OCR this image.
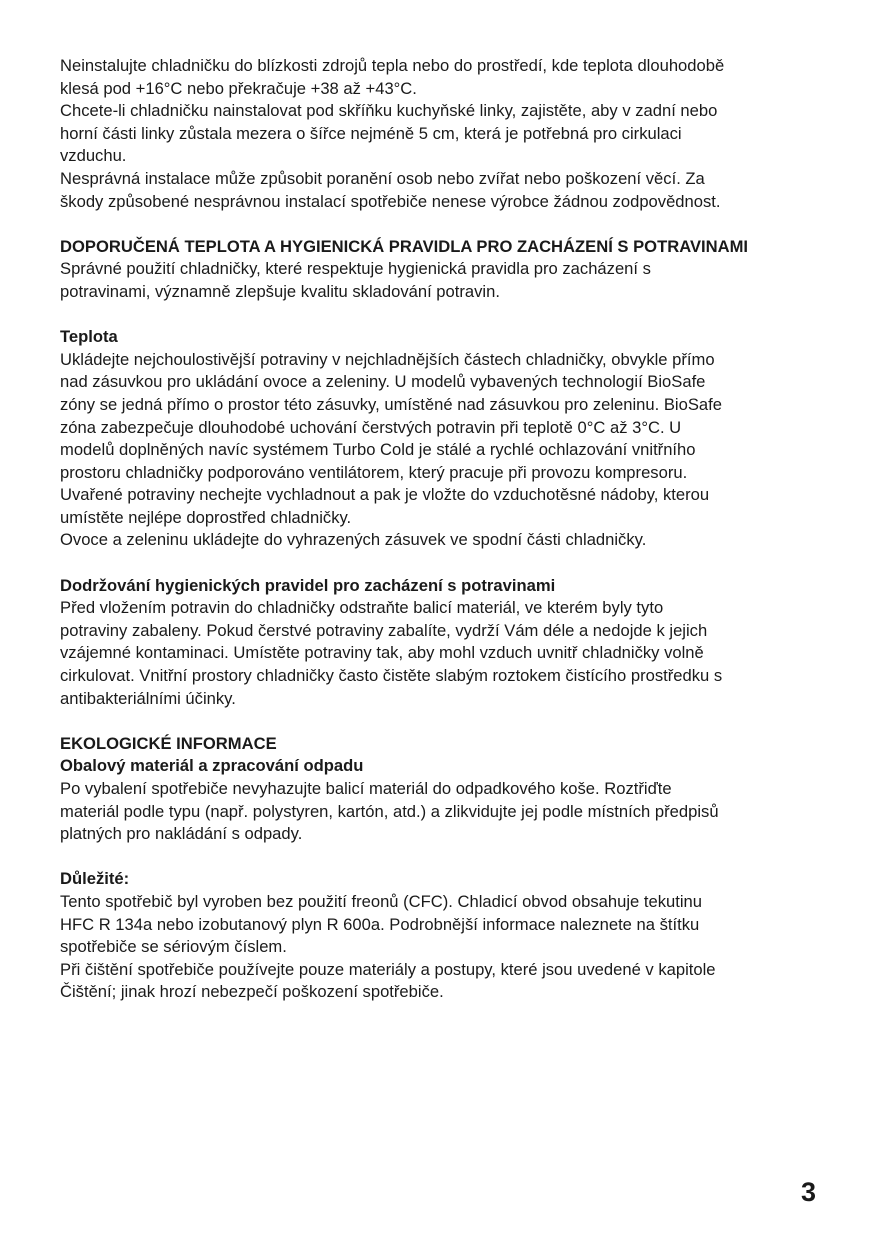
Neinstalujte chladničku do blízkosti zdrojů tepla nebo do prostředí, kde teplota dlouhodobě
klesá pod +16°C nebo překračuje +38 až +43°C.
Chcete-li chladničku nainstalovat pod skříňku kuchyňské linky, zajistěte, aby v zadní nebo
horní části linky zůstala mezera o šířce nejméně 5 cm, která je potřebná pro cirkulaci
vzduchu.
Nesprávná instalace může způsobit poranění osob nebo zvířat nebo poškození věcí. Za
škody způsobené nesprávnou instalací spotřebiče nenese výrobce žádnou zodpovědnost.
DOPORUČENÁ TEPLOTA A HYGIENICKÁ PRAVIDLA PRO ZACHÁZENÍ S POTRAVINAMI
Správné použití chladničky, které respektuje hygienická pravidla pro zacházení s
potravinami, významně zlepšuje kvalitu skladování potravin.
Teplota
Ukládejte nejchoulostivější potraviny v nejchladnějších částech chladničky, obvykle přímo
nad zásuvkou pro ukládání ovoce a zeleniny. U modelů vybavených technologií BioSafe
zóny se jedná přímo o prostor této zásuvky, umístěné nad zásuvkou pro zeleninu. BioSafe
zóna zabezpečuje dlouhodobé uchování čerstvých potravin při teplotě 0°C až 3°C. U
modelů doplněných navíc systémem Turbo Cold je stálé a rychlé ochlazování vnitřního
prostoru chladničky podporováno ventilátorem, který pracuje při provozu kompresoru.
Uvařené potraviny nechejte vychladnout a pak je vložte do vzduchotěsné nádoby, kterou
umístěte nejlépe doprostřed chladničky.
Ovoce a zeleninu ukládejte do vyhrazených zásuvek ve spodní části chladničky.
Dodržování hygienických pravidel pro zacházení s potravinami
Před vložením potravin do chladničky odstraňte balicí materiál, ve kterém byly tyto
potraviny zabaleny. Pokud čerstvé potraviny zabalíte, vydrží Vám déle a nedojde k jejich
vzájemné kontaminaci. Umístěte potraviny tak, aby mohl vzduch uvnitř chladničky volně
cirkulovat. Vnitřní prostory chladničky často čistěte slabým roztokem čistícího prostředku s
antibakteriálními účinky.
EKOLOGICKÉ INFORMACE
Obalový materiál a zpracování odpadu
Po vybalení spotřebiče nevyhazujte balicí materiál do odpadkového koše. Roztřiďte
materiál podle typu (např. polystyren, kartón, atd.) a zlikvidujte jej podle místních předpisů
platných pro nakládání s odpady.
Důležité:
Tento spotřebič byl vyroben bez použití freonů (CFC). Chladicí obvod obsahuje tekutinu
HFC R 134a nebo izobutanový plyn R 600a. Podrobnější informace naleznete na štítku
spotřebiče se sériovým číslem.
Při čištění spotřebiče používejte pouze materiály a postupy, které jsou uvedené v kapitole
Čištění; jinak hrozí nebezpečí poškození spotřebiče.
3
